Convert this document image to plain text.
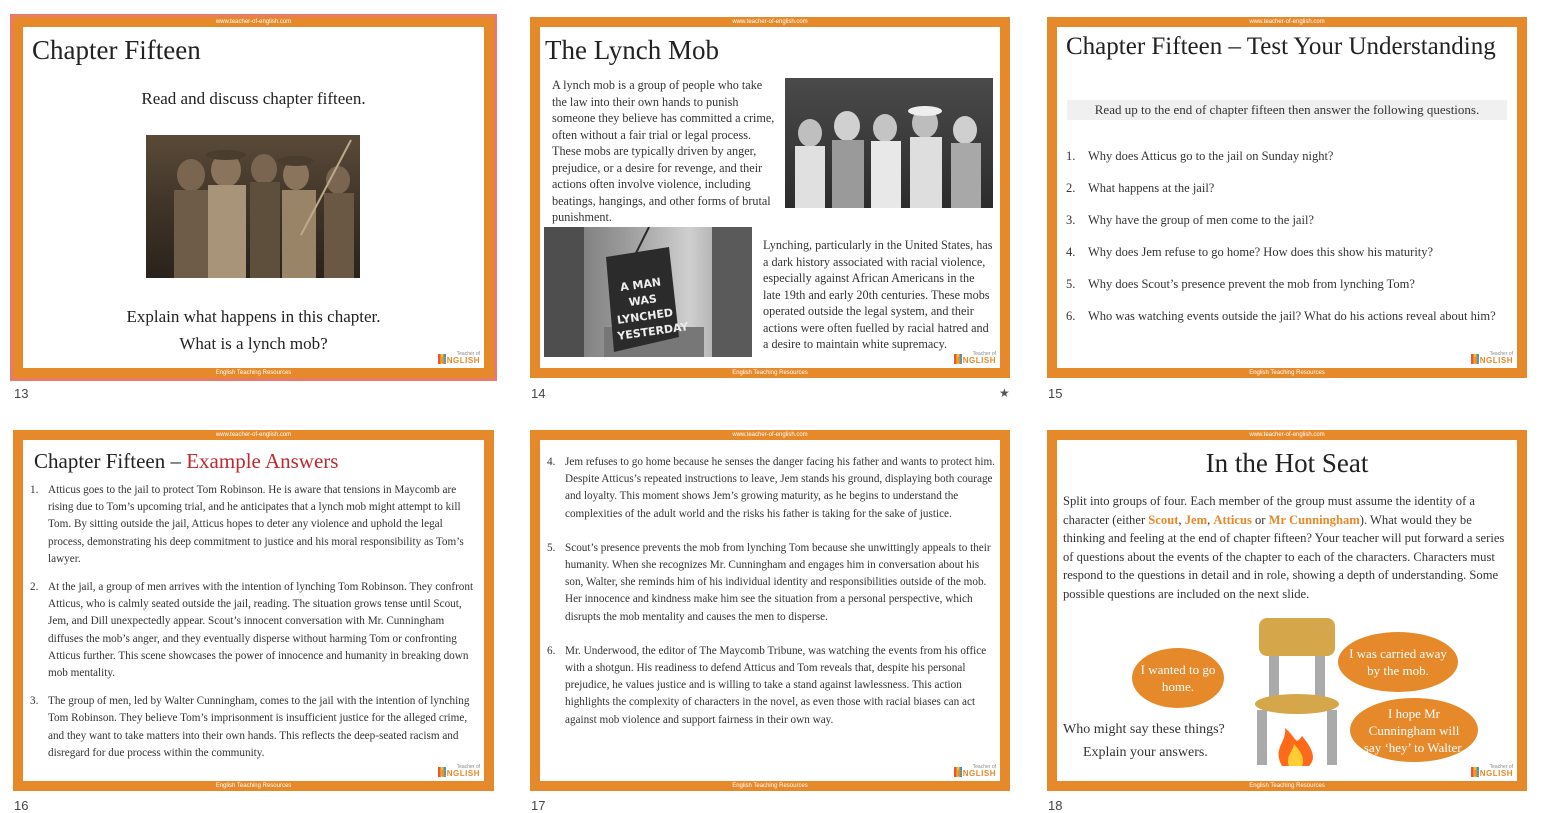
www.teacher-of-english.com
Chapter Fifteen
Read and discuss chapter fifteen.
Explain what happens in this chapter.
What is a lynch mob?
Teacher of
ENGLISH
English Teaching Resources
13
www.teacher-of-english.com
The Lynch Mob
A lynch mob is a group of people who take the law into their own hands to punish someone they believe has committed a crime, often without a fair trial or legal process. These mobs are typically driven by anger, prejudice, or a desire for revenge, and their actions often involve violence, including beatings, hangings, and other forms of brutal punishment.
A MAN WAS LYNCHED YESTERDAY
Lynching, particularly in the United States, has a dark history associated with racial violence, especially against African Americans in the late 19th and early 20th centuries. These mobs operated outside the legal system, and their actions were often fuelled by racial hatred and a desire to maintain white supremacy.
Teacher of
ENGLISH
English Teaching Resources
14	★
www.teacher-of-english.com
Chapter Fifteen – Test Your Understanding
Read up to the end of chapter fifteen then answer the following questions.
1. Why does Atticus go to the jail on Sunday night?
2. What happens at the jail?
3. Why have the group of men come to the jail?
4. Why does Jem refuse to go home? How does this show his maturity?
5. Why does Scout’s presence prevent the mob from lynching Tom?
6. Who was watching events outside the jail? What do his actions reveal about him?
Teacher of
ENGLISH
English Teaching Resources
15
www.teacher-of-english.com
Chapter Fifteen – Example Answers
1. Atticus goes to the jail to protect Tom Robinson. He is aware that tensions in Maycomb are rising due to Tom’s upcoming trial, and he anticipates that a lynch mob might attempt to kill Tom. By sitting outside the jail, Atticus hopes to deter any violence and uphold the legal process, demonstrating his deep commitment to justice and his moral responsibility as Tom’s lawyer.
2. At the jail, a group of men arrives with the intention of lynching Tom Robinson. They confront Atticus, who is calmly seated outside the jail, reading. The situation grows tense until Scout, Jem, and Dill unexpectedly appear. Scout’s innocent conversation with Mr. Cunningham diffuses the mob’s anger, and they eventually disperse without harming Tom or confronting Atticus further. This scene showcases the power of innocence and humanity in breaking down mob mentality.
3. The group of men, led by Walter Cunningham, comes to the jail with the intention of lynching Tom Robinson. They believe Tom’s imprisonment is insufficient justice for the alleged crime, and they want to take matters into their own hands. This reflects the deep-seated racism and disregard for due process within the community.
Teacher of
ENGLISH
English Teaching Resources
16
www.teacher-of-english.com
4. Jem refuses to go home because he senses the danger facing his father and wants to protect him. Despite Atticus’s repeated instructions to leave, Jem stands his ground, displaying both courage and loyalty. This moment shows Jem’s growing maturity, as he begins to understand the complexities of the adult world and the risks his father is taking for the sake of justice.
5. Scout’s presence prevents the mob from lynching Tom because she unwittingly appeals to their humanity. When she recognizes Mr. Cunningham and engages him in conversation about his son, Walter, she reminds him of his individual identity and responsibilities outside of the mob. Her innocence and kindness make him see the situation from a personal perspective, which disrupts the mob mentality and causes the men to disperse.
6. Mr. Underwood, the editor of The Maycomb Tribune, was watching the events from his office with a shotgun. His readiness to defend Atticus and Tom reveals that, despite his personal prejudice, he values justice and is willing to take a stand against lawlessness. This action highlights the complexity of characters in the novel, as even those with racial biases can act against mob violence and support fairness in their own way.
Teacher of
ENGLISH
English Teaching Resources
17
www.teacher-of-english.com
In the Hot Seat
Split into groups of four. Each member of the group must assume the identity of a character (either Scout, Jem, Atticus or Mr Cunningham). What would they be thinking and feeling at the end of chapter fifteen? Your teacher will put forward a series of questions about the events of the chapter to each of the characters. Characters must respond to the questions in detail and in role, showing a depth of understanding. Some possible questions are included on the next slide.
I wanted to go home.
I was carried away by the mob.
I hope Mr Cunningham will say ‘hey’ to Walter.
Who might say these things?
Explain your answers.
Teacher of
ENGLISH
English Teaching Resources
18
